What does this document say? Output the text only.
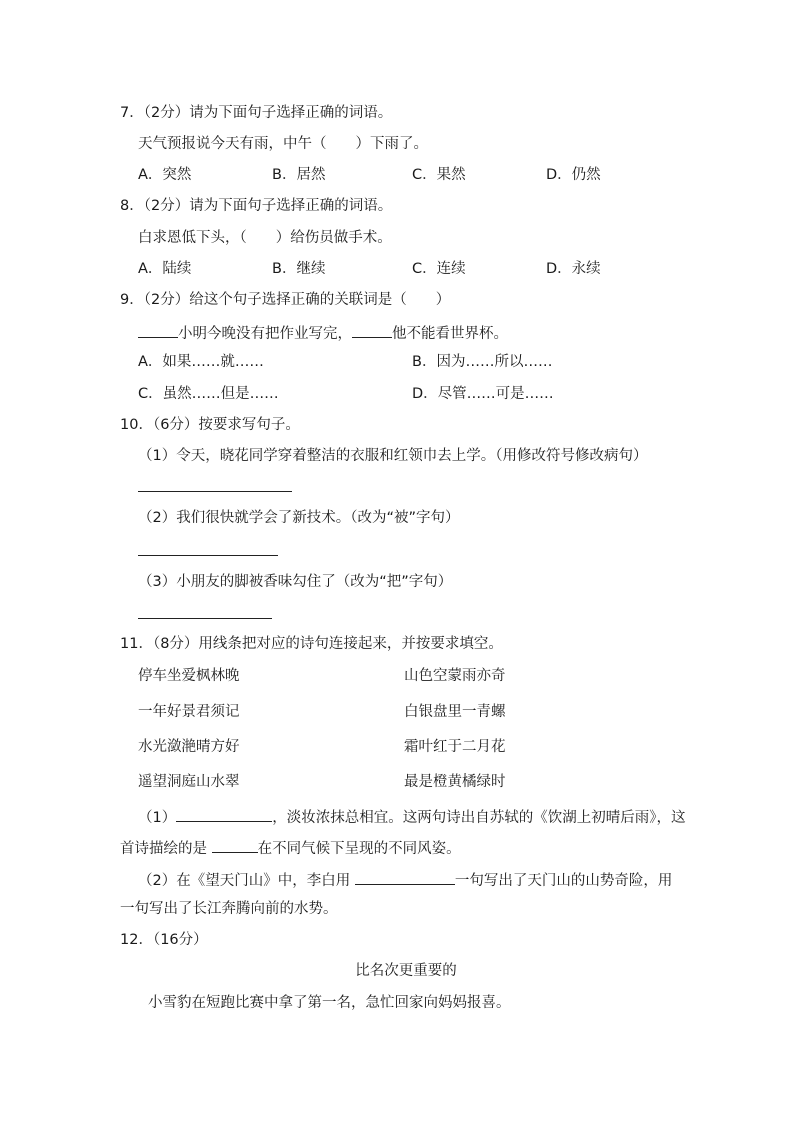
7．（2分）请为下面句子选择正确的词语。
天气预报说今天有雨，中午（　　）下雨了。
A．突然	B．居然	C．果然	D．仍然
8．（2分）请为下面句子选择正确的词语。
白求恩低下头，（　　）给伤员做手术。
A．陆续	B．继续	C．连续	D．永续
9．（2分）给这个句子选择正确的关联词是（　　）
小明今晚没有把作业写完，	他不能看世界杯。
A．如果……就……	B．因为……所以……
C．虽然……但是……	D．尽管……可是……
10．（6分）按要求写句子。
（1）令天，晓花同学穿着整洁的衣服和红领巾去上学。（用修改符号修改病句）
（2）我们很快就学会了新技术。（改为“被”字句）
（3）小朋友的脚被香味勾住了（改为“把”字句）
11．（8分）用线条把对应的诗句连接起来，并按要求填空。
停车坐爱枫林晚	山色空蒙雨亦奇
一年好景君须记	白银盘里一青螺
水光潋滟晴方好	霜叶红于二月花
遥望洞庭山水翠	最是橙黄橘绿时
（1）	，淡妆浓抹总相宜。这两句诗出自苏轼的《饮湖上初晴后雨》，这
首诗描绘的是	在不同气候下呈现的不同风姿。
（2）在《望天门山》中，李白用	一句写出了天门山的山势奇险，用
一句写出了长江奔腾向前的水势。
12．（16分）
比名次更重要的
小雪豹在短跑比赛中拿了第一名，急忙回家向妈妈报喜。
